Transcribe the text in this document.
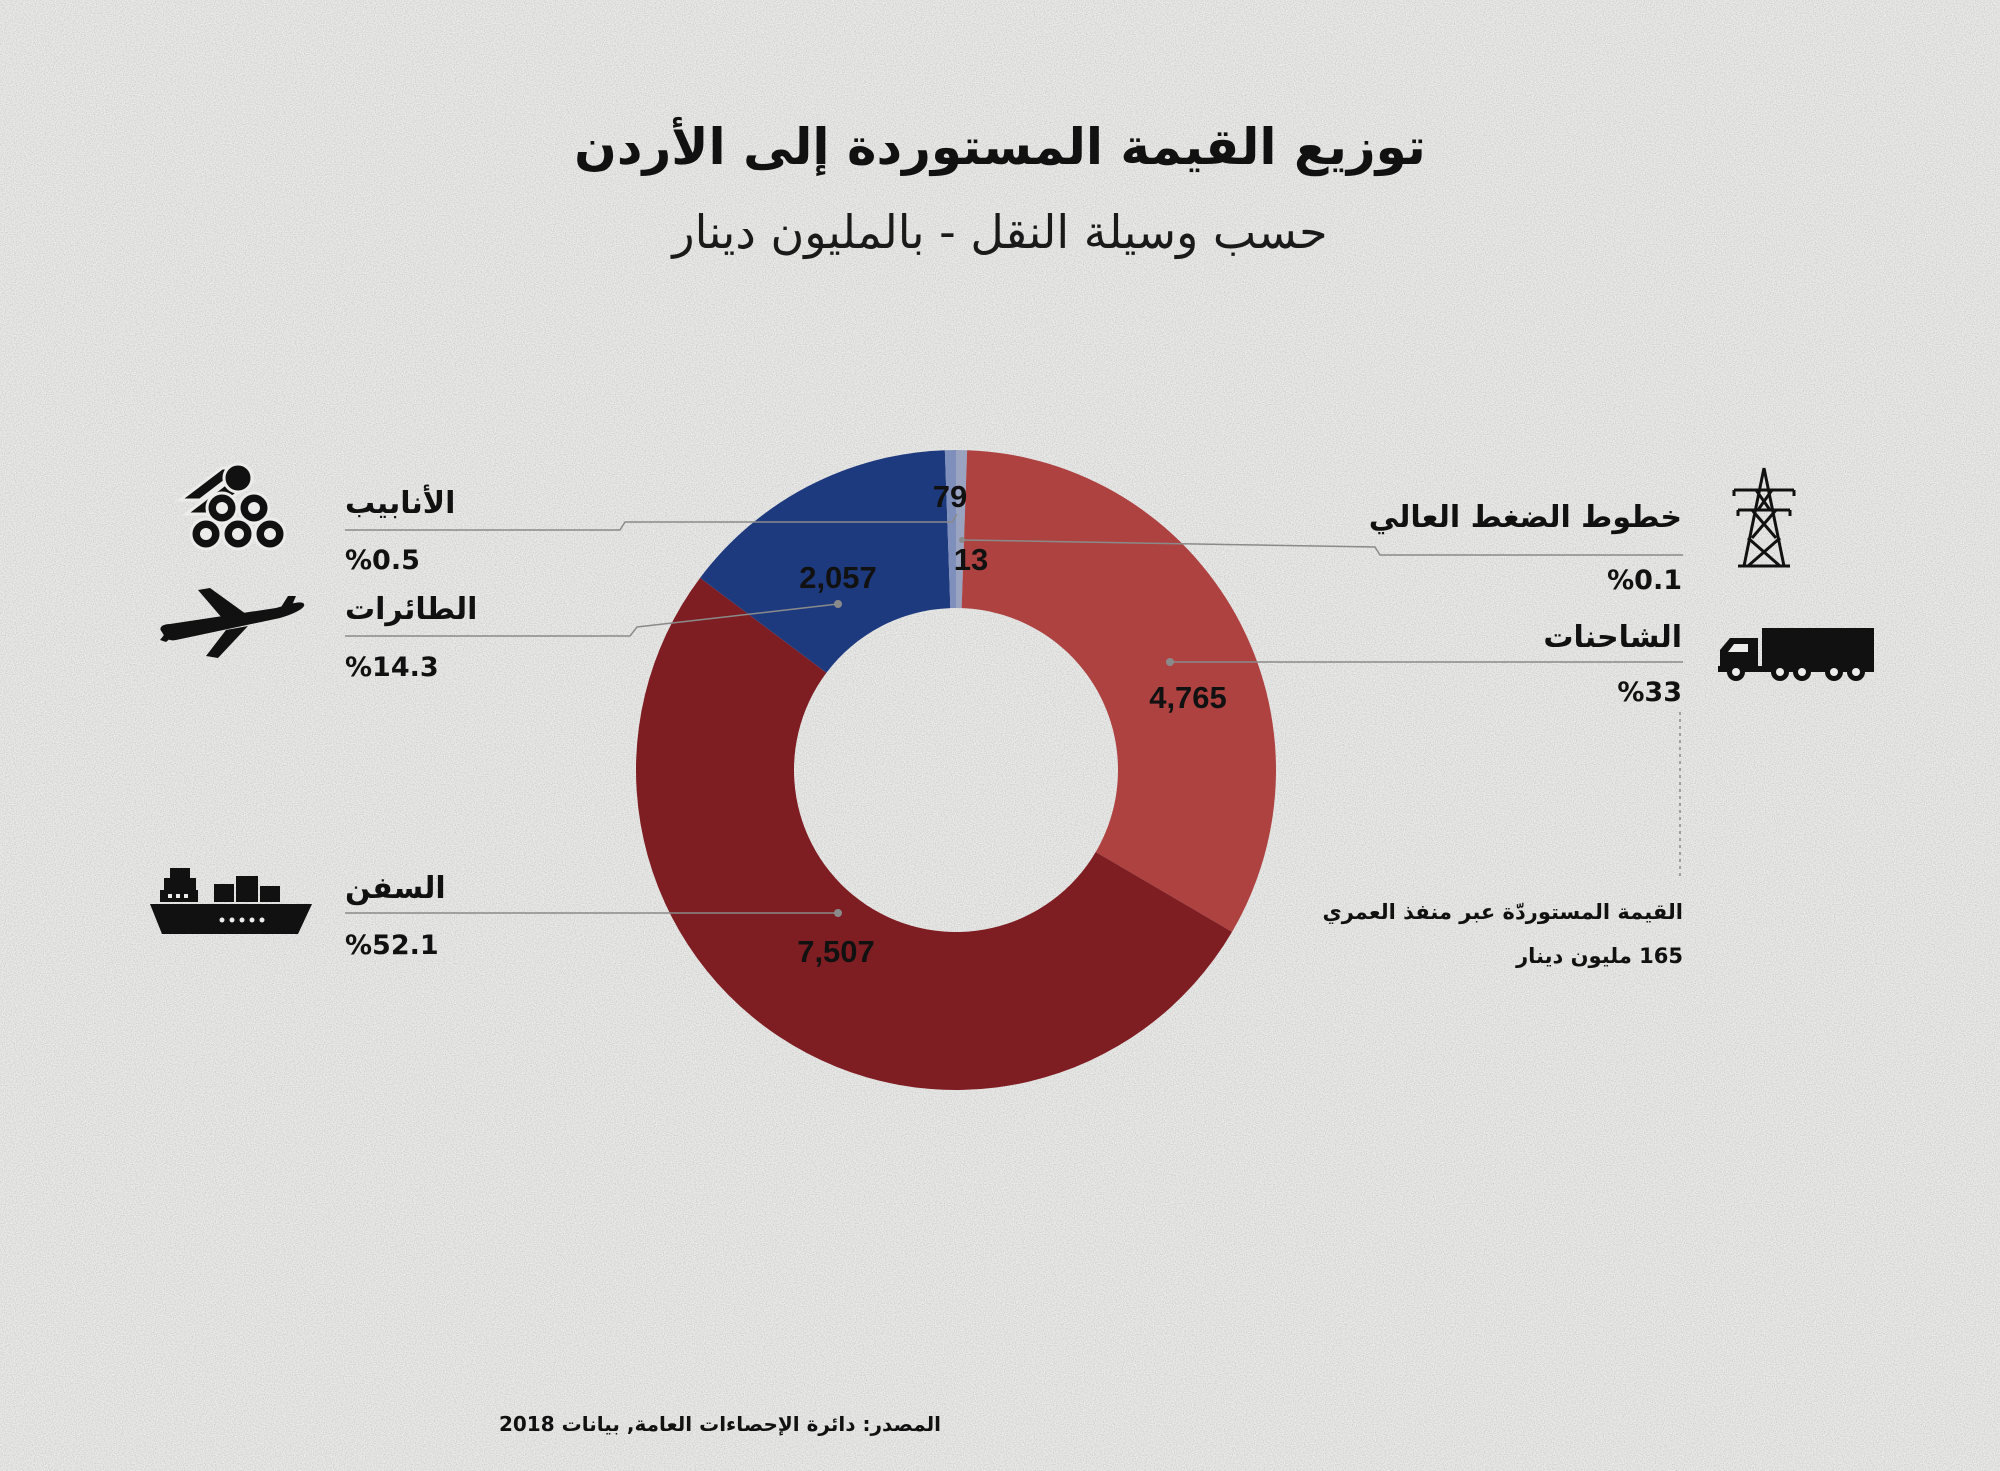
توزيع القيمة المستوردة إلى الأردن
حسب وسيلة النقل - بالمليون دينار
79
13
2,057
4,765
7,507
الأنابيب
%0.5
الطائرات
%14.3
السفن
%52.1
خطوط الضغط العالي
%0.1
الشاحنات
%33
القيمة المستوردّة عبر منفذ العمري
165 مليون دينار
المصدر: دائرة الإحصاءات العامة, بيانات 2018
